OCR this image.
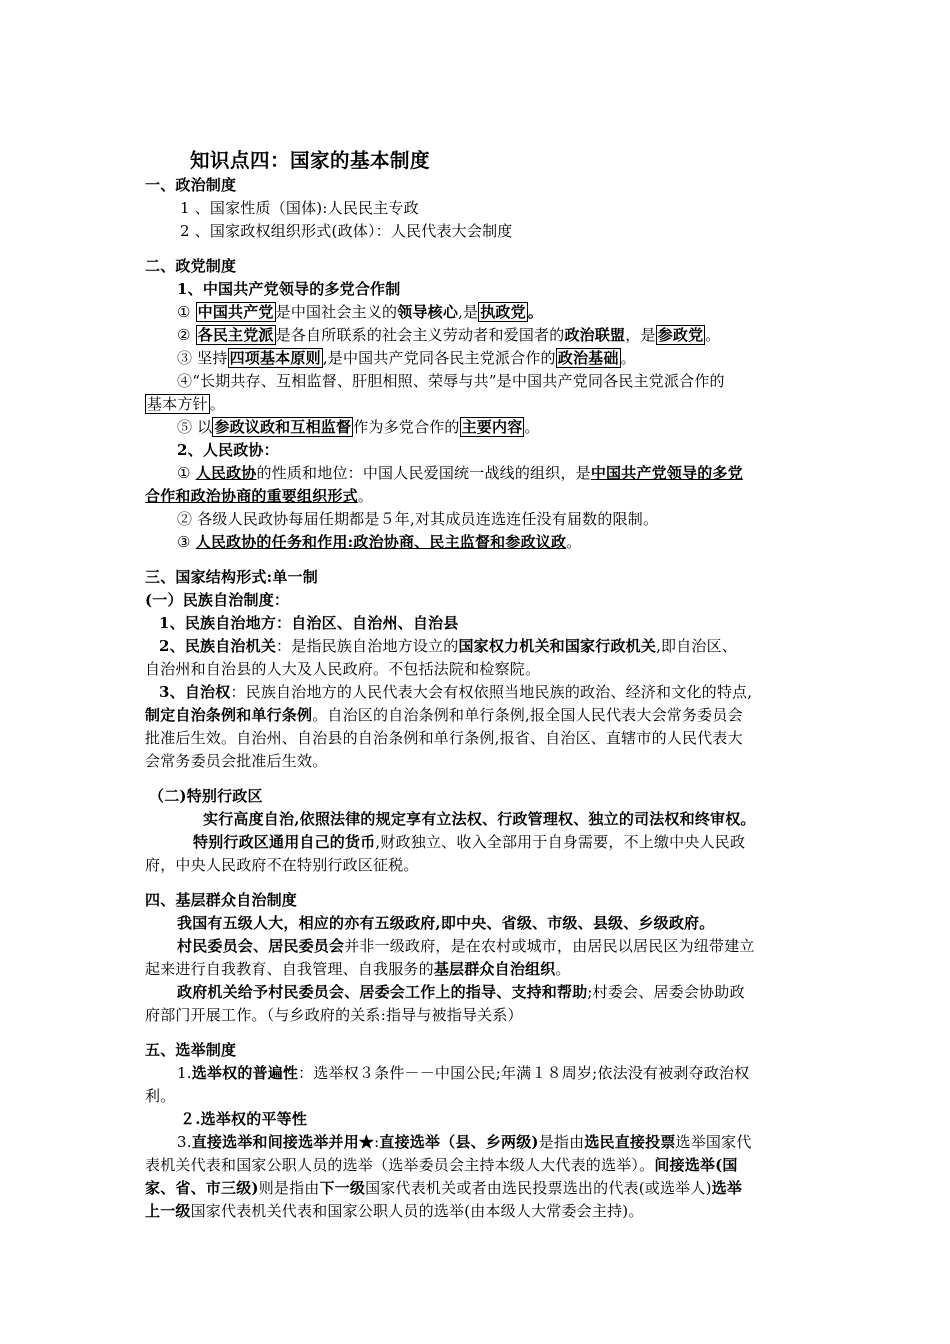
知识点四：国家的基本制度
一、政治制度
1 、国家性质（国体):人民民主专政
2 、国家政权组织形式(政体）：人民代表大会制度
二、政党制度
1、中国共产党领导的多党合作制
① 中国共产党 是中国社会主义的领导核心,是 执政党 。
② 各民主党派 是各自所联系的社会主义劳动者和爱国者的政治联盟，是 参政党 。
③ 坚持 四项基本原则 ,是中国共产党同各民主党派合作的 政治基础 。
④“长期共存、互相监督、肝胆相照、荣辱与共”是中国共产党同各民主党派合作的
基本方针 。
⑤ 以 参政议政和互相监督 作为多党合作的 主要内容 。
2、人民政协：
① 人民政协的性质和地位：中国人民爱国统一战线的组织，是中国共产党领导的多党
合作和政治协商的重要组织形式。
② 各级人民政协每届任期都是５年,对其成员连选连任没有届数的限制。
③ 人民政协的任务和作用:政治协商、民主监督和参政议政。
三、国家结构形式:单一制
(一）民族自治制度：
1、民族自治地方：自治区、自治州、自治县
2、民族自治机关：是指民族自治地方设立的国家权力机关和国家行政机关,即自治区、
自治州和自治县的人大及人民政府。不包括法院和检察院。
3、自治权：民族自治地方的人民代表大会有权依照当地民族的政治、经济和文化的特点,
制定自治条例和单行条例。自治区的自治条例和单行条例,报全国人民代表大会常务委员会
批准后生效。自治州、自治县的自治条例和单行条例,报省、自治区、直辖市的人民代表大
会常务委员会批准后生效。
（二)特别行政区
实行高度自治,依照法律的规定享有立法权、行政管理权、独立的司法权和终审权。
特别行政区通用自己的货币,财政独立、收入全部用于自身需要，不上缴中央人民政
府，中央人民政府不在特别行政区征税。
四、基层群众自治制度
我国有五级人大，相应的亦有五级政府,即中央、省级、市级、县级、乡级政府。
村民委员会、居民委员会并非一级政府，是在农村或城市，由居民以居民区为纽带建立
起来进行自我教育、自我管理、自我服务的基层群众自治组织。
政府机关给予村民委员会、居委会工作上的指导、支持和帮助;村委会、居委会协助政
府部门开展工作。（与乡政府的关系:指导与被指导关系）
五、选举制度
1.选举权的普遍性：选举权３条件－－中国公民;年满１８周岁;依法没有被剥夺政治权
利。
２.选举权的平等性
3.直接选举和间接选举并用★:直接选举（县、乡两级)是指由选民直接投票选举国家代
表机关代表和国家公职人员的选举（选举委员会主持本级人大代表的选举）。间接选举(国
家、省、市三级)则是指由下一级国家代表机关或者由选民投票选出的代表(或选举人)选举
上一级国家代表机关代表和国家公职人员的选举(由本级人大常委会主持)。
